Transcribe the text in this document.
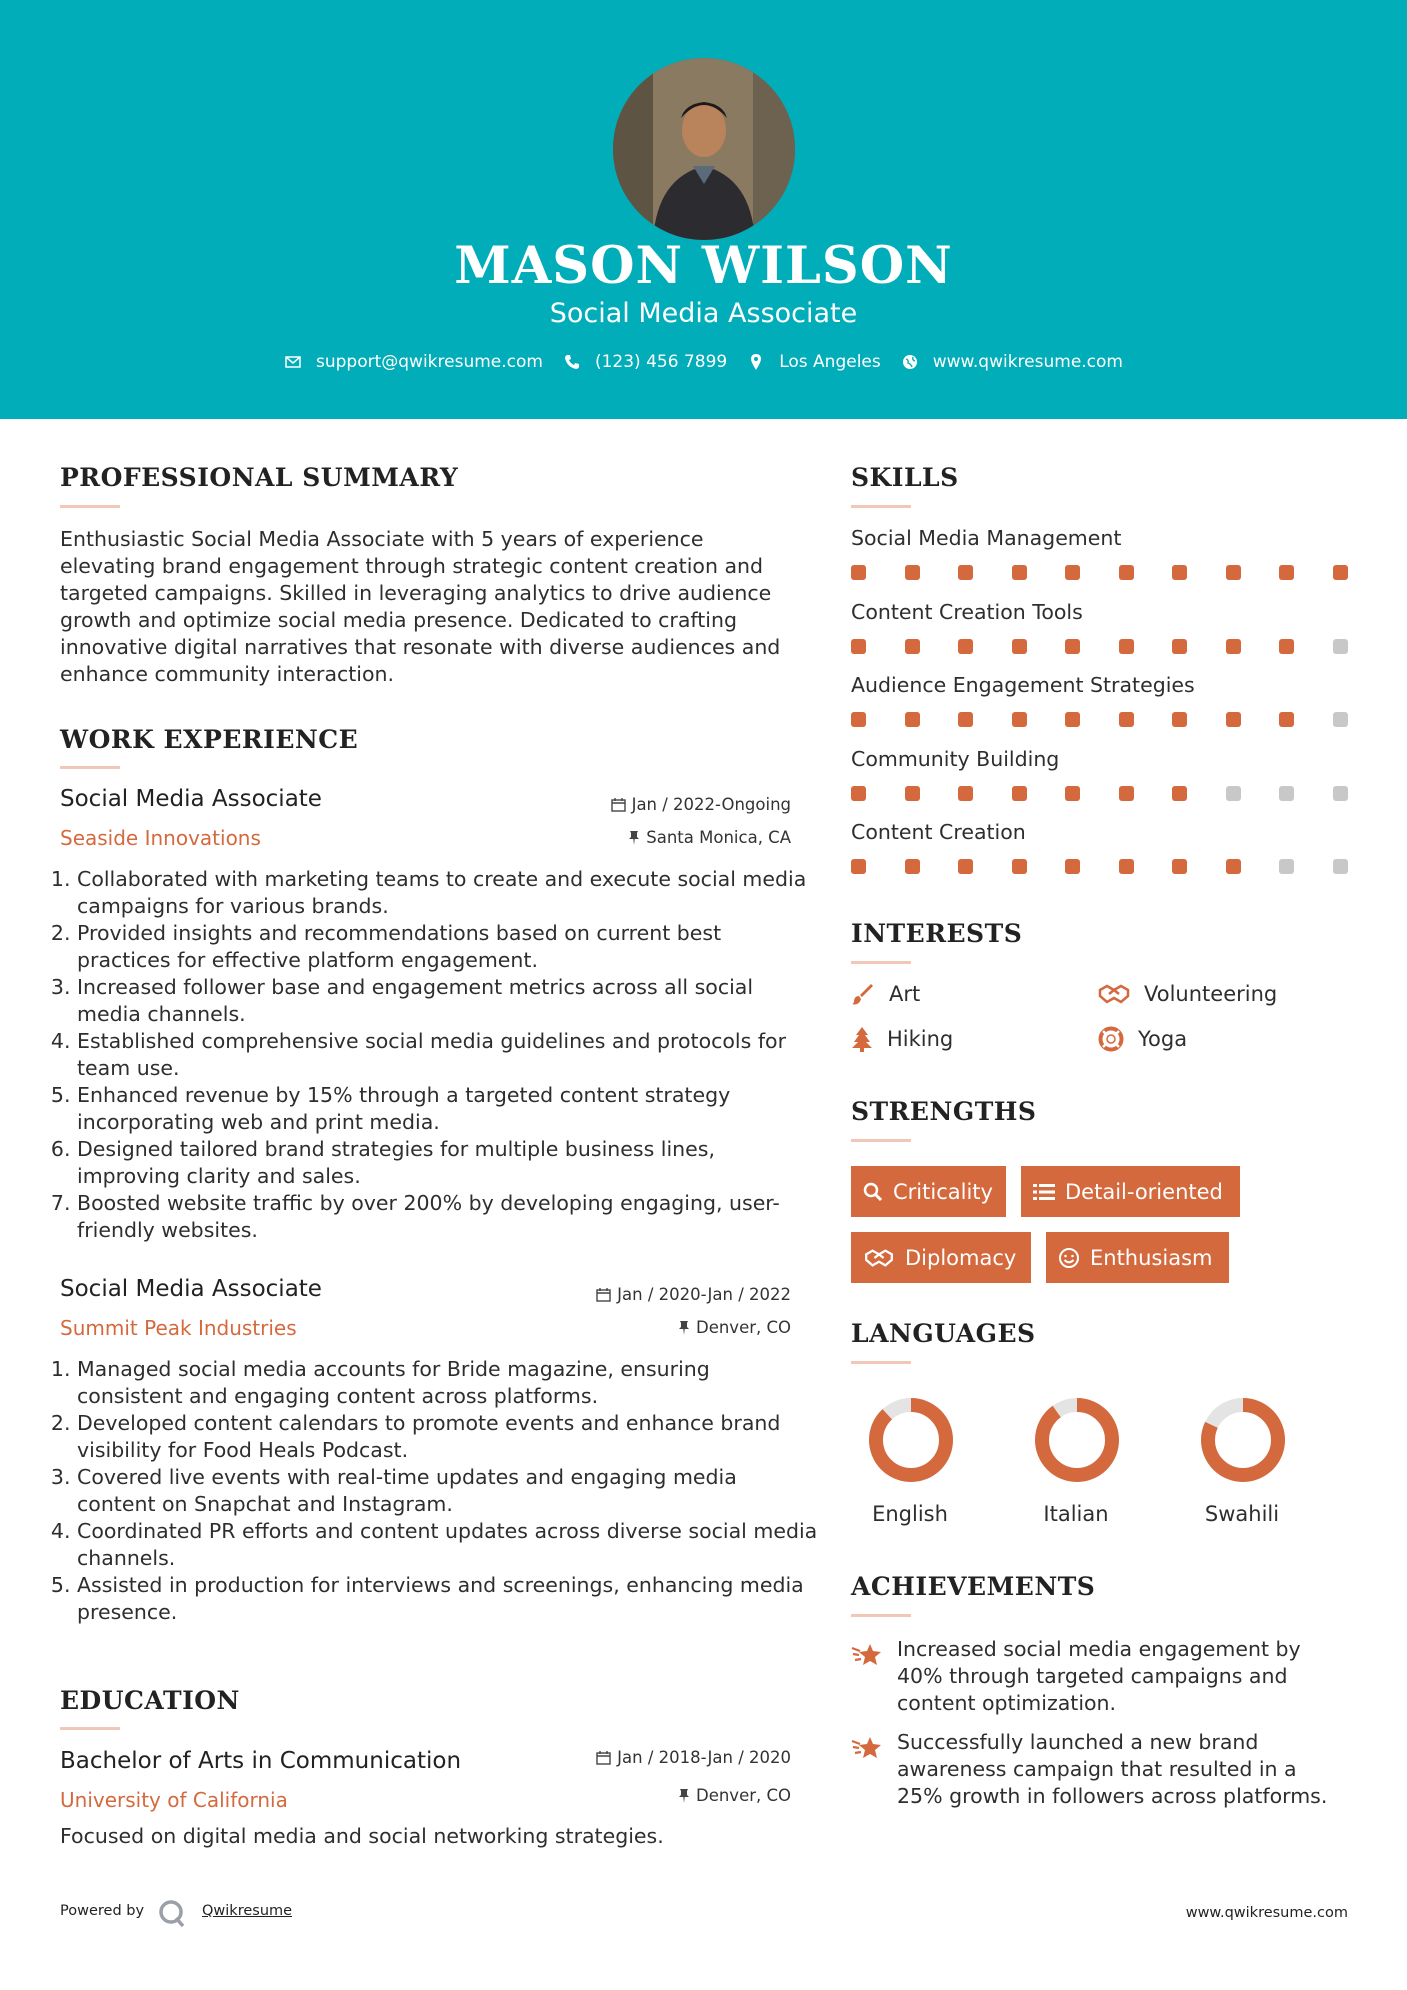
MASON WILSON
Social Media Associate
support@qwikresume.com	(123) 456 7899	Los Angeles	www.qwikresume.com
PROFESSIONAL SUMMARY
Enthusiastic Social Media Associate with 5 years of experience elevating brand engagement through strategic content creation and targeted campaigns. Skilled in leveraging analytics to drive audience growth and optimize social media presence. Dedicated to crafting innovative digital narratives that resonate with diverse audiences and enhance community interaction.
WORK EXPERIENCE
Social Media Associate	Jan / 2022-Ongoing
Seaside Innovations	Santa Monica, CA
1. Collaborated with marketing teams to create and execute social media campaigns for various brands.
2. Provided insights and recommendations based on current best practices for effective platform engagement.
3. Increased follower base and engagement metrics across all social media channels.
4. Established comprehensive social media guidelines and protocols for team use.
5. Enhanced revenue by 15% through a targeted content strategy incorporating web and print media.
6. Designed tailored brand strategies for multiple business lines, improving clarity and sales.
7. Boosted website traffic by over 200% by developing engaging, user-friendly websites.
Social Media Associate	Jan / 2020-Jan / 2022
Summit Peak Industries	Denver, CO
1. Managed social media accounts for Bride magazine, ensuring consistent and engaging content across platforms.
2. Developed content calendars to promote events and enhance brand visibility for Food Heals Podcast.
3. Covered live events with real-time updates and engaging media content on Snapchat and Instagram.
4. Coordinated PR efforts and content updates across diverse social media channels.
5. Assisted in production for interviews and screenings, enhancing media presence.
EDUCATION
Bachelor of Arts in Communication	Jan / 2018-Jan / 2020
University of California	Denver, CO
Focused on digital media and social networking strategies.
SKILLS
Social Media Management
Content Creation Tools
Audience Engagement Strategies
Community Building
Content Creation
INTERESTS
Art	Volunteering
Hiking	Yoga
STRENGTHS
Criticality	Detail-oriented
Diplomacy	Enthusiasm
LANGUAGES
English	Italian	Swahili
ACHIEVEMENTS
Increased social media engagement by 40% through targeted campaigns and content optimization.
Successfully launched a new brand awareness campaign that resulted in a 25% growth in followers across platforms.
Powered by	Qwikresume	www.qwikresume.com
